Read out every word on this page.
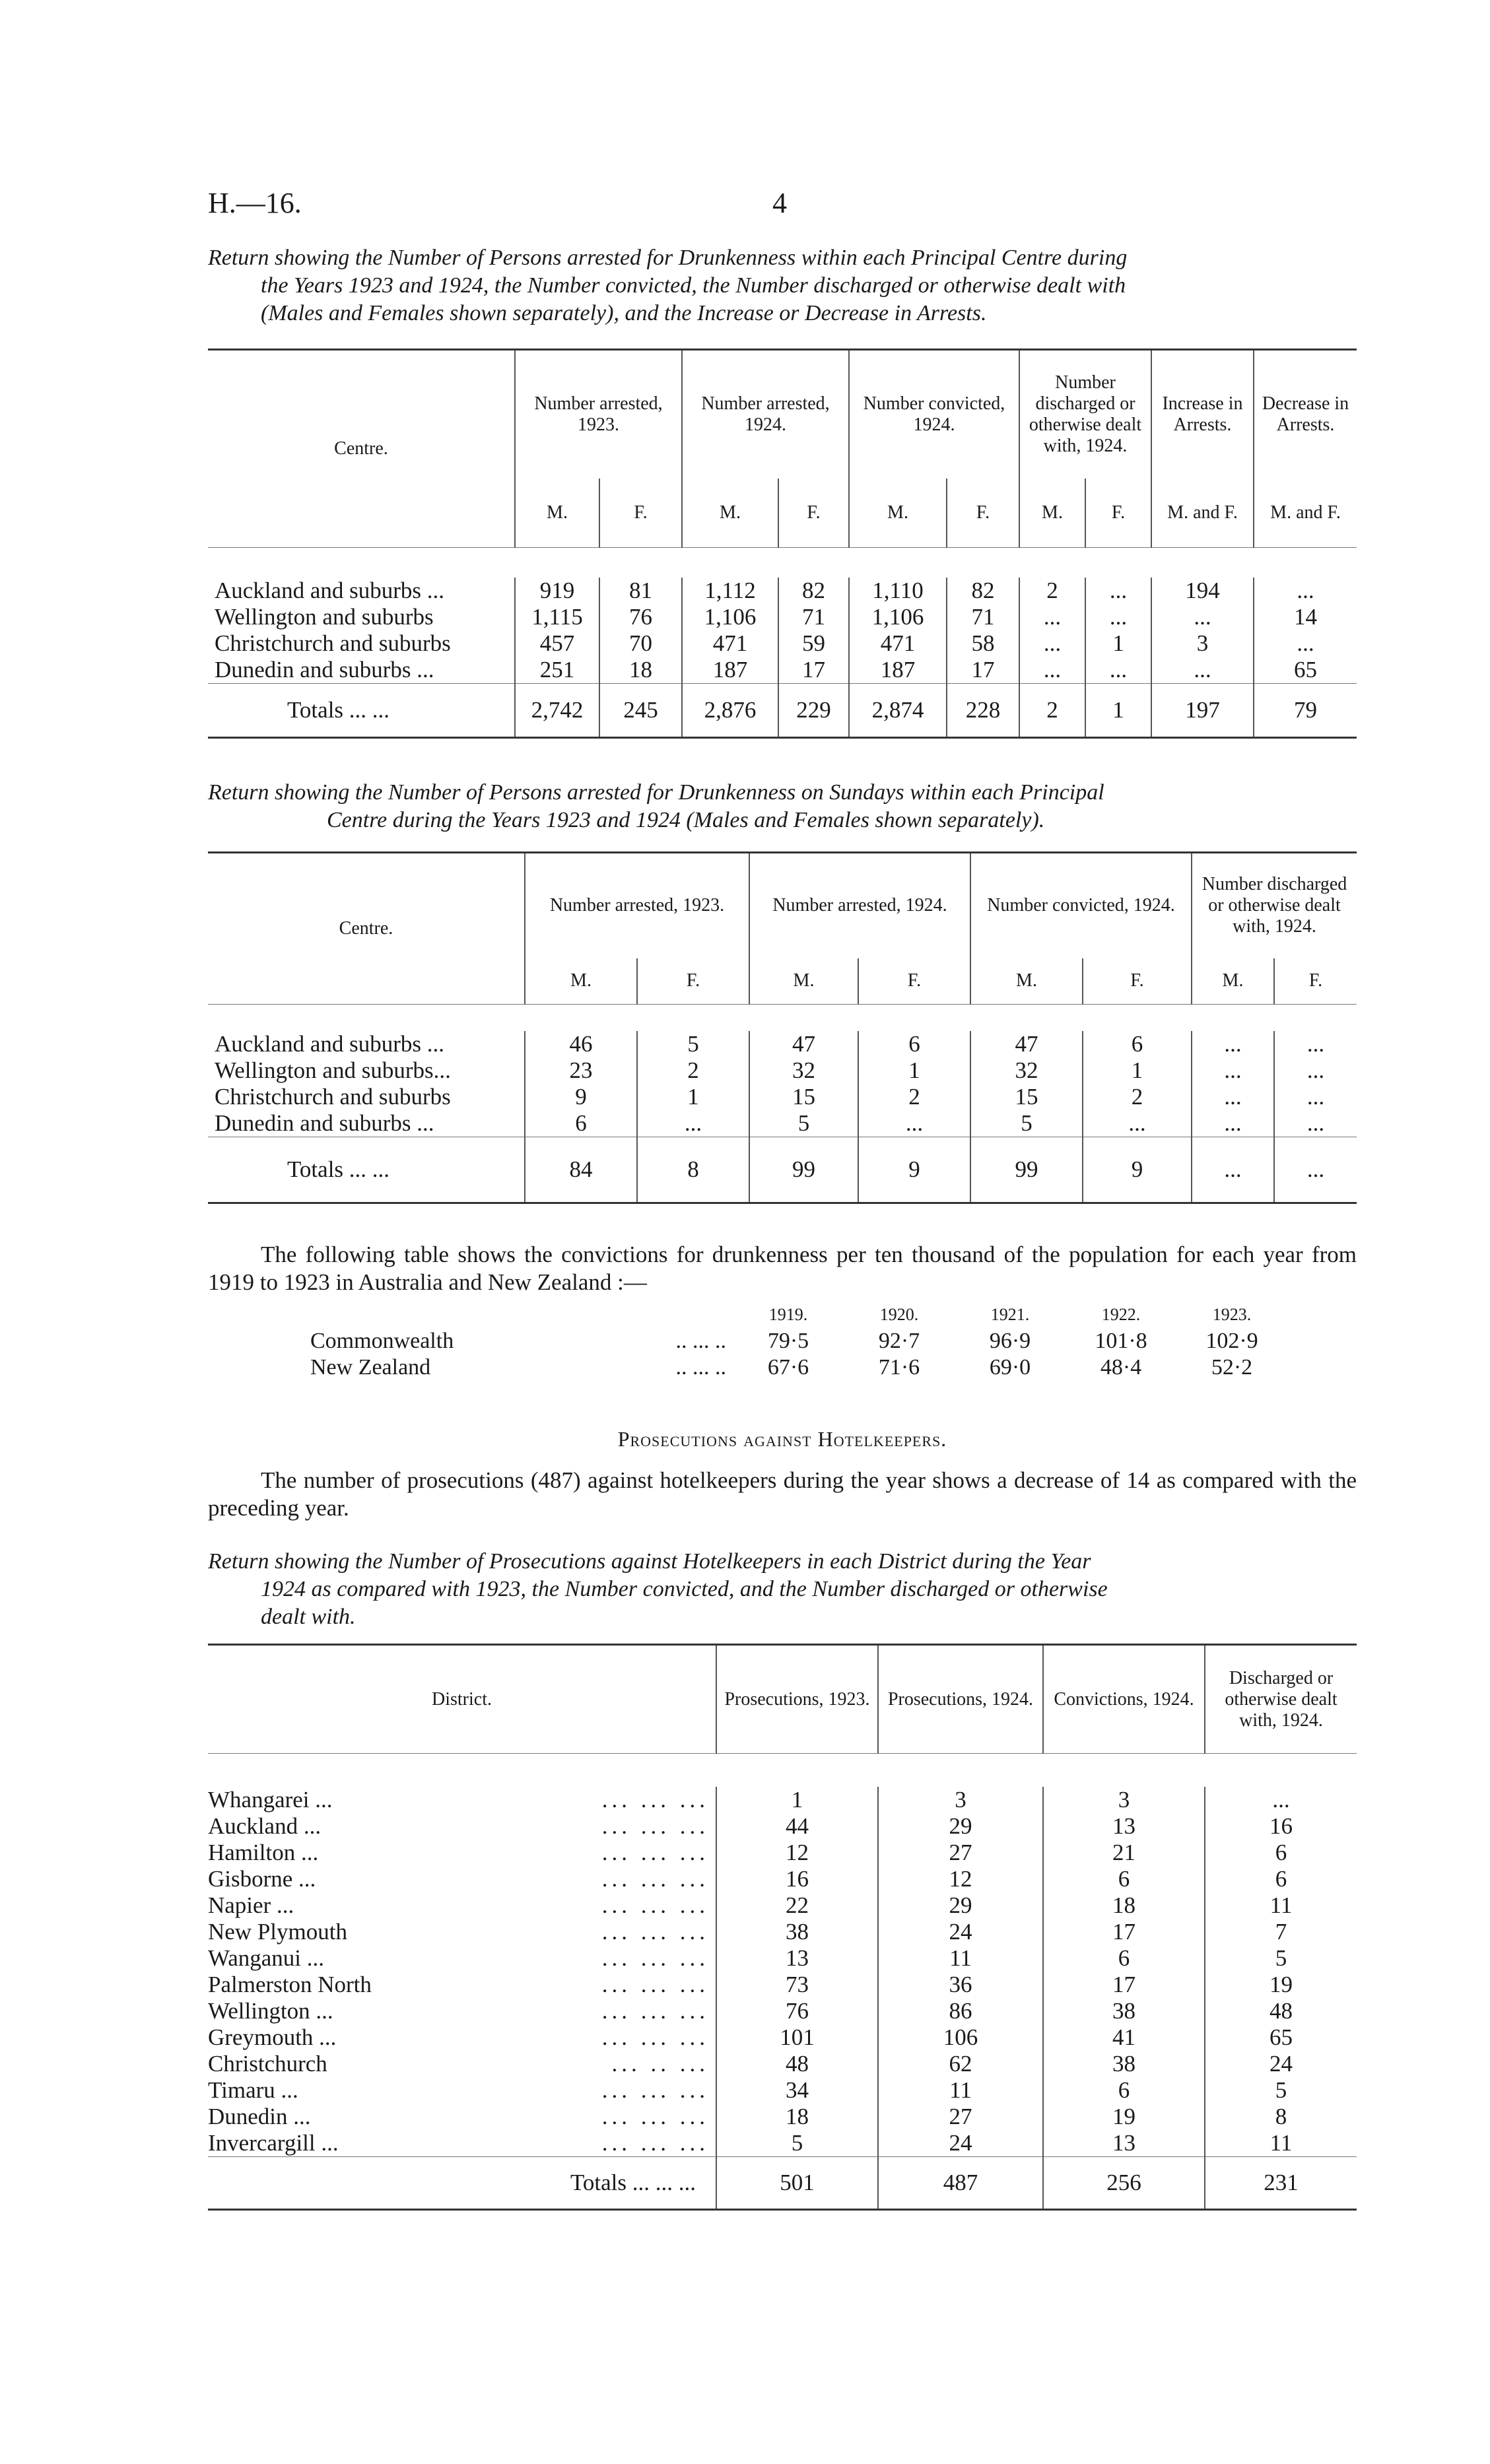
H.—16.	4
Return showing the Number of Persons arrested for Drunkenness within each Principal Centre during
the Years 1923 and 1924, the Number convicted, the Number discharged or otherwise dealt with
(Males and Females shown separately), and the Increase or Decrease in Arrests.
Centre.	Number arrested, 1923.		Number arrested, 1924.		Number convicted, 1924.		Number discharged or otherwise dealt with, 1924.		Increase in Arrests.	Decrease in Arrests.
	M.	F.	M.	F.	M.	F.	M.	F.	M. and F.	M. and F.

Auckland and suburbs ...	919	81	1,112	82	1,110	82	2	...	194	...
Wellington and suburbs	1,115	76	1,106	71	1,106	71	...	...	...	14
Christchurch and suburbs	457	70	471	59	471	58	...	1	3	...
Dunedin and suburbs ...	251	18	187	17	187	17	...	...	...	65
Totals ... ...	2,742	245	2,876	229	2,874	228	2	1	197	79
Return showing the Number of Persons arrested for Drunkenness on Sundays within each Principal
Centre during the Years 1923 and 1924 (Males and Females shown separately).
Centre.	Number arrested, 1923.		Number arrested, 1924.		Number convicted, 1924.		Number discharged or otherwise dealt with, 1924.	
	M.	F.	M.	F.	M.	F.	M.	F.

Auckland and suburbs ...	46	5	47	6	47	6	...	...
Wellington and suburbs...	23	2	32	1	32	1	...	...
Christchurch and suburbs	9	1	15	2	15	2	...	...
Dunedin and suburbs ...	6	...	5	...	5	...	...	...
Totals ... ...	84	8	99	9	99	9	...	...
The following table shows the convictions for drunkenness per ten thousand of the population for each year from 1919 to 1923 in Australia and New Zealand :—
		1919.	1920.	1921.	1922.	1923.
Commonwealth	.. ... ..	79·5	92·7	96·9	101·8	102·9
New Zealand	.. ... ..	67·6	71·6	69·0	48·4	52·2
Prosecutions against Hotelkeepers.
The number of prosecutions (487) against hotelkeepers during the year shows a decrease of 14 as compared with the preceding year.
Return showing the Number of Prosecutions against Hotelkeepers in each District during the Year
1924 as compared with 1923, the Number convicted, and the Number discharged or otherwise
dealt with.
District.		Prosecutions, 1923.	Prosecutions, 1924.	Convictions, 1924.	Discharged or otherwise dealt with, 1924.

Whangarei ...	... ... ...	1	3	3	...
Auckland ...	... ... ...	44	29	13	16
Hamilton ...	... ... ...	12	27	21	6
Gisborne ...	... ... ...	16	12	6	6
Napier ...	... ... ...	22	29	18	11
New Plymouth	... ... ...	38	24	17	7
Wanganui ...	... ... ...	13	11	6	5
Palmerston North	... ... ...	73	36	17	19
Wellington ...	... ... ...	76	86	38	48
Greymouth ...	... ... ...	101	106	41	65
Christchurch	... .. ...	48	62	38	24
Timaru ...	... ... ...	34	11	6	5
Dunedin ...	... ... ...	18	27	19	8
Invercargill ...	... ... ...	5	24	13	11
Totals ... ... ...		501	487	256	231
